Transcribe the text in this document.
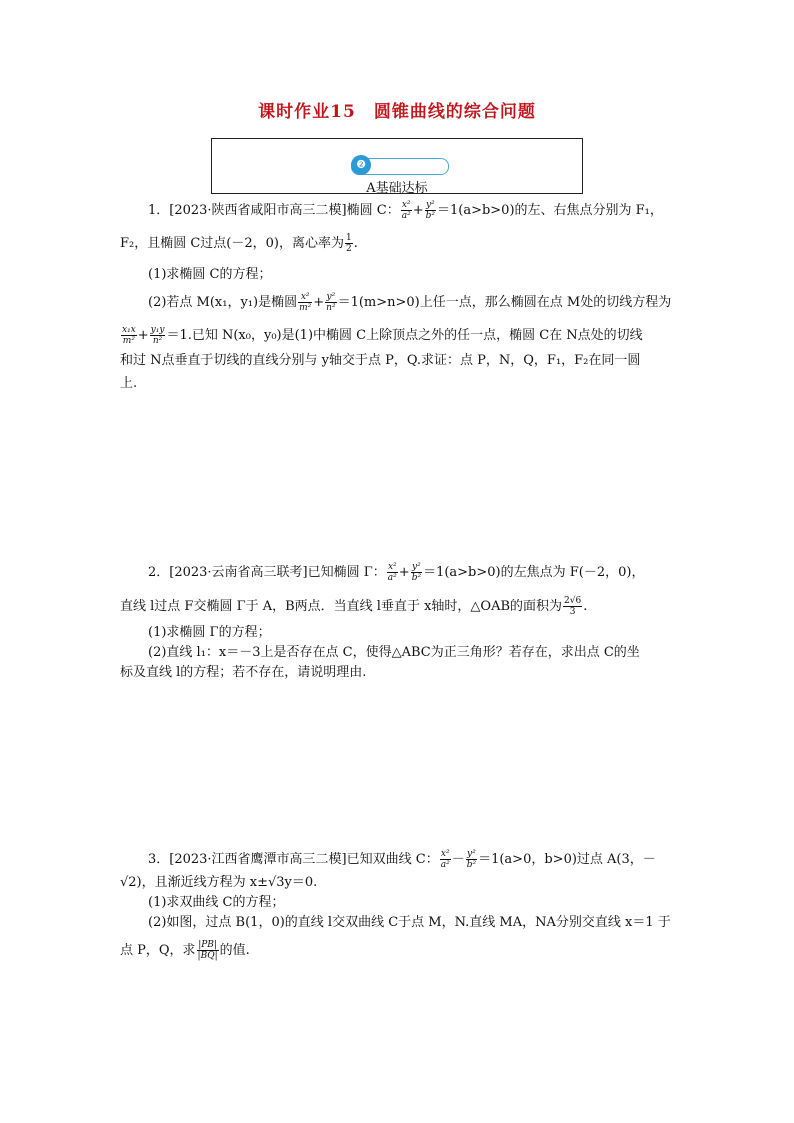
课时作业15　圆锥曲线的综合问题
❷
A基础达标
1．[2023·陕西省咸阳市高三二模]椭圆 C： $\frac{\text{x²}}{\text{a²}} + \frac{\text{y²}}{\text{b²}} =1(a>b>0)$的左、右焦点分别为 F₁，
F₂，且椭圆 C过点(－2，0)，离心率为 $\frac{1}{2}$ .
(1)求椭圆 C的方程；
(2)若点 M(x₁，y₁)是椭圆 $\frac{\text{x²}}{\text{m²}} + \frac{\text{y²}}{\text{n²}} =1(m>n>0)$上任一点，那么椭圆在点 M处的切线方程为
$\frac{\text{x₁x}}{\text{m²}} + \frac{\text{y₁y}}{\text{n²}} =1$.已知 N(x₀，y₀)是(1)中椭圆 C上除顶点之外的任一点，椭圆 C在 N点处的切线
和过 N点垂直于切线的直线分别与 y轴交于点 P，Q.求证：点 P，N，Q，F₁，F₂在同一圆
上.
2．[2023·云南省高三联考]已知椭圆 Γ： $\frac{\text{x²}}{\text{a²}} + \frac{\text{y²}}{\text{b²}} =1(a>b>0)$的左焦点为 F(－2，0)，
直线 l过点 F交椭圆 Γ于 A，B两点．当直线 l垂直于 x轴时，△OAB的面积为 $\frac{2√6}{3}$ .
(1)求椭圆 Γ的方程；
(2)直线 l₁：x＝－3上是否存在点 C，使得△ABC为正三角形？若存在，求出点 C的坐
标及直线 l的方程；若不存在，请说明理由.
3．[2023·江西省鹰潭市高三二模]已知双曲线 C： $\frac{\text{x²}}{\text{a²}} - \frac{\text{y²}}{\text{b²}} =1(a>0$，b>0)过点 A(3，－
√2)，且渐近线方程为 x±√3y＝0.
(1)求双曲线 C的方程；
(2)如图，过点 B(1，0)的直线 l交双曲线 C于点 M，N.直线 MA，NA分别交直线 x＝1 于
点 P，Q，求 $\frac{|PB|}{|BQ|}$ 的值.
